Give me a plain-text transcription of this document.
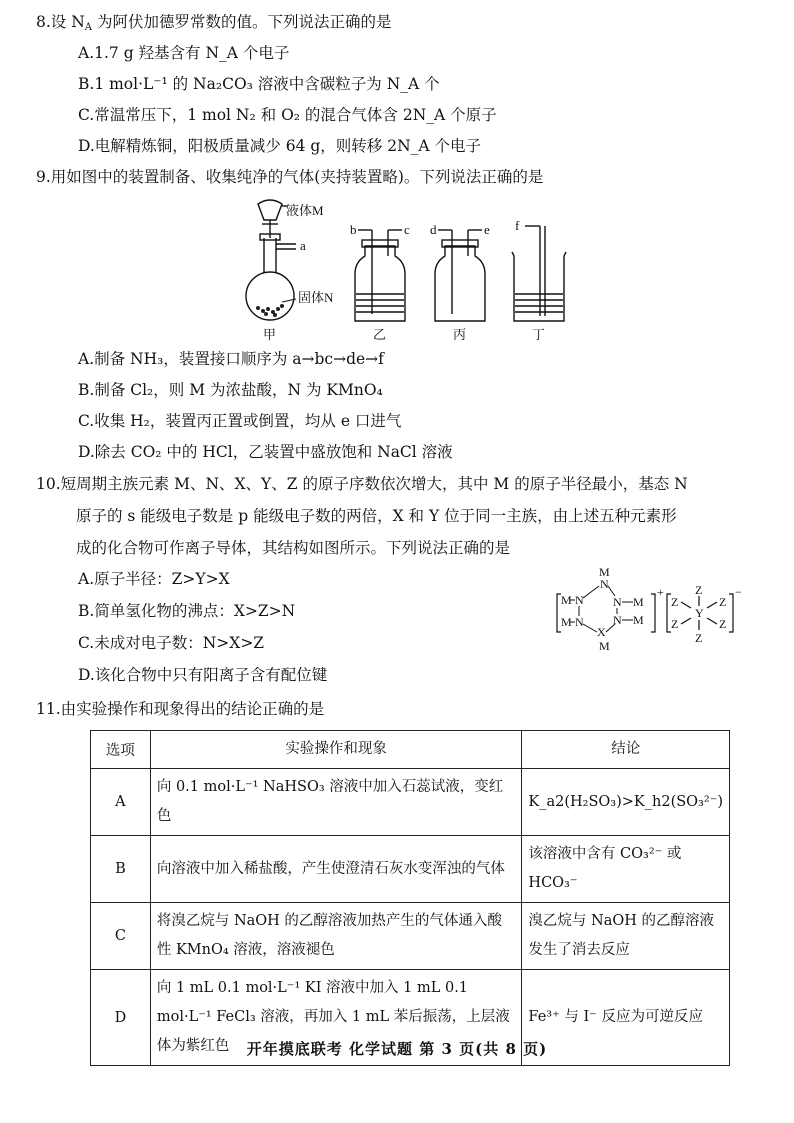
8.设 $N_A$ 为阿伏加德罗常数的值。下列说法正确的是
A.1.7 g 羟基含有 N_A 个电子
B.1 mol·L⁻¹ 的 Na₂CO₃ 溶液中含碳粒子为 N_A 个
C.常温常压下，1 mol N₂ 和 O₂ 的混合气体含 2N_A 个原子
D.电解精炼铜，阳极质量减少 64 g，则转移 2N_A 个电子
9.用如图中的装置制备、收集纯净的气体(夹持装置略)。下列说法正确的是
液体M
a
固体N
b	c d	e f
甲	乙	丙	丁
A.制备 NH₃，装置接口顺序为 a→bc→de→f
B.制备 Cl₂，则 M 为浓盐酸，N 为 KMnO₄
C.收集 H₂，装置丙正置或倒置，均从 e 口进气
D.除去 CO₂ 中的 HCl，乙装置中盛放饱和 NaCl 溶液
10.短周期主族元素 M、N、X、Y、Z 的原子序数依次增大，其中 M 的原子半径最小，基态 N
原子的 s 能级电子数是 p 能级电子数的两倍，X 和 Y 位于同一主族，由上述五种元素形
成的化合物可作离子导体，其结构如图所示。下列说法正确的是
A.原子半径：Z>Y>X
B.简单氢化物的沸点：X>Z>N
C.未成对电子数：N>X>Z
D.该化合物中只有阳离子含有配位键
M
N
M N
M N
N M
N M
X
M
+	Z
Z	Z
Y
Z	Z
Z
−
11.由实验操作和现象得出的结论正确的是
选项	实验操作和现象	结论
A	向 0.1 mol·L⁻¹ NaHSO₃ 溶液中加入石蕊试液，变红色	K_a2(H₂SO₃)>K_h2(SO₃²⁻)
B	向溶液中加入稀盐酸，产生使澄清石灰水变浑浊的气体	该溶液中含有 CO₃²⁻ 或 HCO₃⁻
C	将溴乙烷与 NaOH 的乙醇溶液加热产生的气体通入酸性 KMnO₄ 溶液，溶液褪色	溴乙烷与 NaOH 的乙醇溶液发生了消去反应
D	向 1 mL 0.1 mol·L⁻¹ KI 溶液中加入 1 mL 0.1 mol·L⁻¹ FeCl₃ 溶液，再加入 1 mL 苯后振荡，上层液体为紫红色	Fe³⁺ 与 I⁻ 反应为可逆反应
开年摸底联考 化学试题 第 3 页(共 8 页)
